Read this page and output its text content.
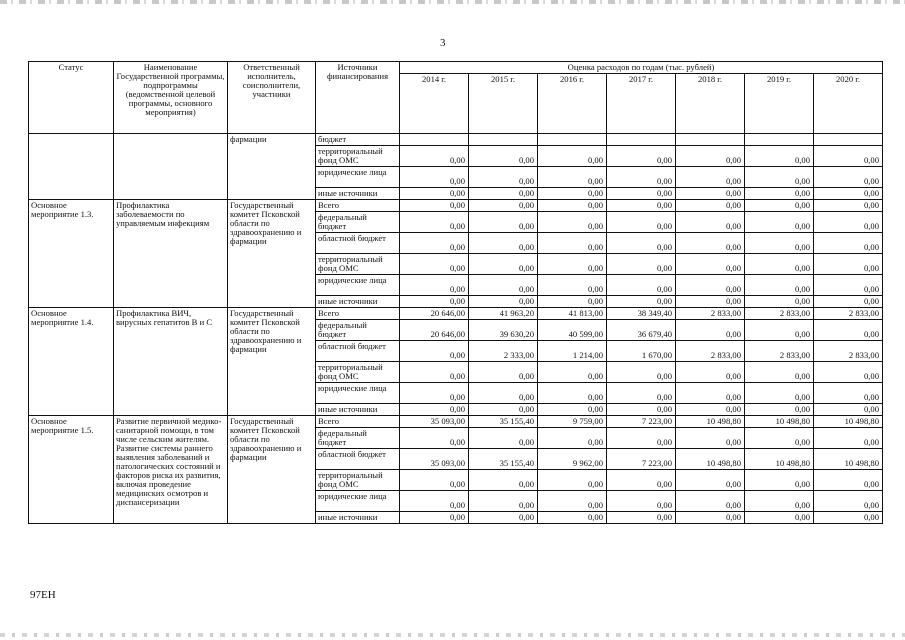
3
Статус	Наименование Государственной программы, подпрограммы (ведомственной целевой программы, основного мероприятия)	Ответственный исполнитель, соисполнители, участники	Источники финансирования	Оценка расходов по годам (тыс. рублей)						
				2014 г.	2015 г.	2016 г.	2017 г.	2018 г.	2019 г.	2020 г.
		фармации	бюджет							
			территориальный фонд ОМС	0,00	0,00	0,00	0,00	0,00	0,00	0,00
			юридические лица	0,00	0,00	0,00	0,00	0,00	0,00	0,00
			иные источники	0,00	0,00	0,00	0,00	0,00	0,00	0,00
Основное мероприятие 1.3.	Профилактика заболеваемости по управляемым инфекциям	Государственный комитет Псковской области по здравоохранению и фармации	Всего	0,00	0,00	0,00	0,00	0,00	0,00	0,00
			федеральный бюджет	0,00	0,00	0,00	0,00	0,00	0,00	0,00
			областной бюджет	0,00	0,00	0,00	0,00	0,00	0,00	0,00
			территориальный фонд ОМС	0,00	0,00	0,00	0,00	0,00	0,00	0,00
			юридические лица	0,00	0,00	0,00	0,00	0,00	0,00	0,00
			иные источники	0,00	0,00	0,00	0,00	0,00	0,00	0,00
Основное мероприятие 1.4.	Профилактика ВИЧ, вирусных гепатитов В и С	Государственный комитет Псковской области по здравоохранению и фармации	Всего	20 646,00	41 963,20	41 813,00	38 349,40	2 833,00	2 833,00	2 833,00
			федеральный бюджет	20 646,00	39 630,20	40 599,00	36 679,40	0,00	0,00	0,00
			областной бюджет	0,00	2 333,00	1 214,00	1 670,00	2 833,00	2 833,00	2 833,00
			территориальный фонд ОМС	0,00	0,00	0,00	0,00	0,00	0,00	0,00
			юридические лица	0,00	0,00	0,00	0,00	0,00	0,00	0,00
			иные источники	0,00	0,00	0,00	0,00	0,00	0,00	0,00
Основное мероприятие 1.5.	Развитие первичной медико-санитарной помощи, в том числе сельским жителям. Развитие системы раннего выявления заболеваний и патологических состояний и факторов риска их развития, включая проведение медицинских осмотров и диспансеризации	Государственный комитет Псковской области по здравоохранению и фармации	Всего	35 093,00	35 155,40	9 759,00	7 223,00	10 498,80	10 498,80	10 498,80
			федеральный бюджет	0,00	0,00	0,00	0,00	0,00	0,00	0,00
			областной бюджет	35 093,00	35 155,40	9 962,00	7 223,00	10 498,80	10 498,80	10 498,80
			территориальный фонд ОМС	0,00	0,00	0,00	0,00	0,00	0,00	0,00
			юридические лица	0,00	0,00	0,00	0,00	0,00	0,00	0,00
			иные источники	0,00	0,00	0,00	0,00	0,00	0,00	0,00
97EH
